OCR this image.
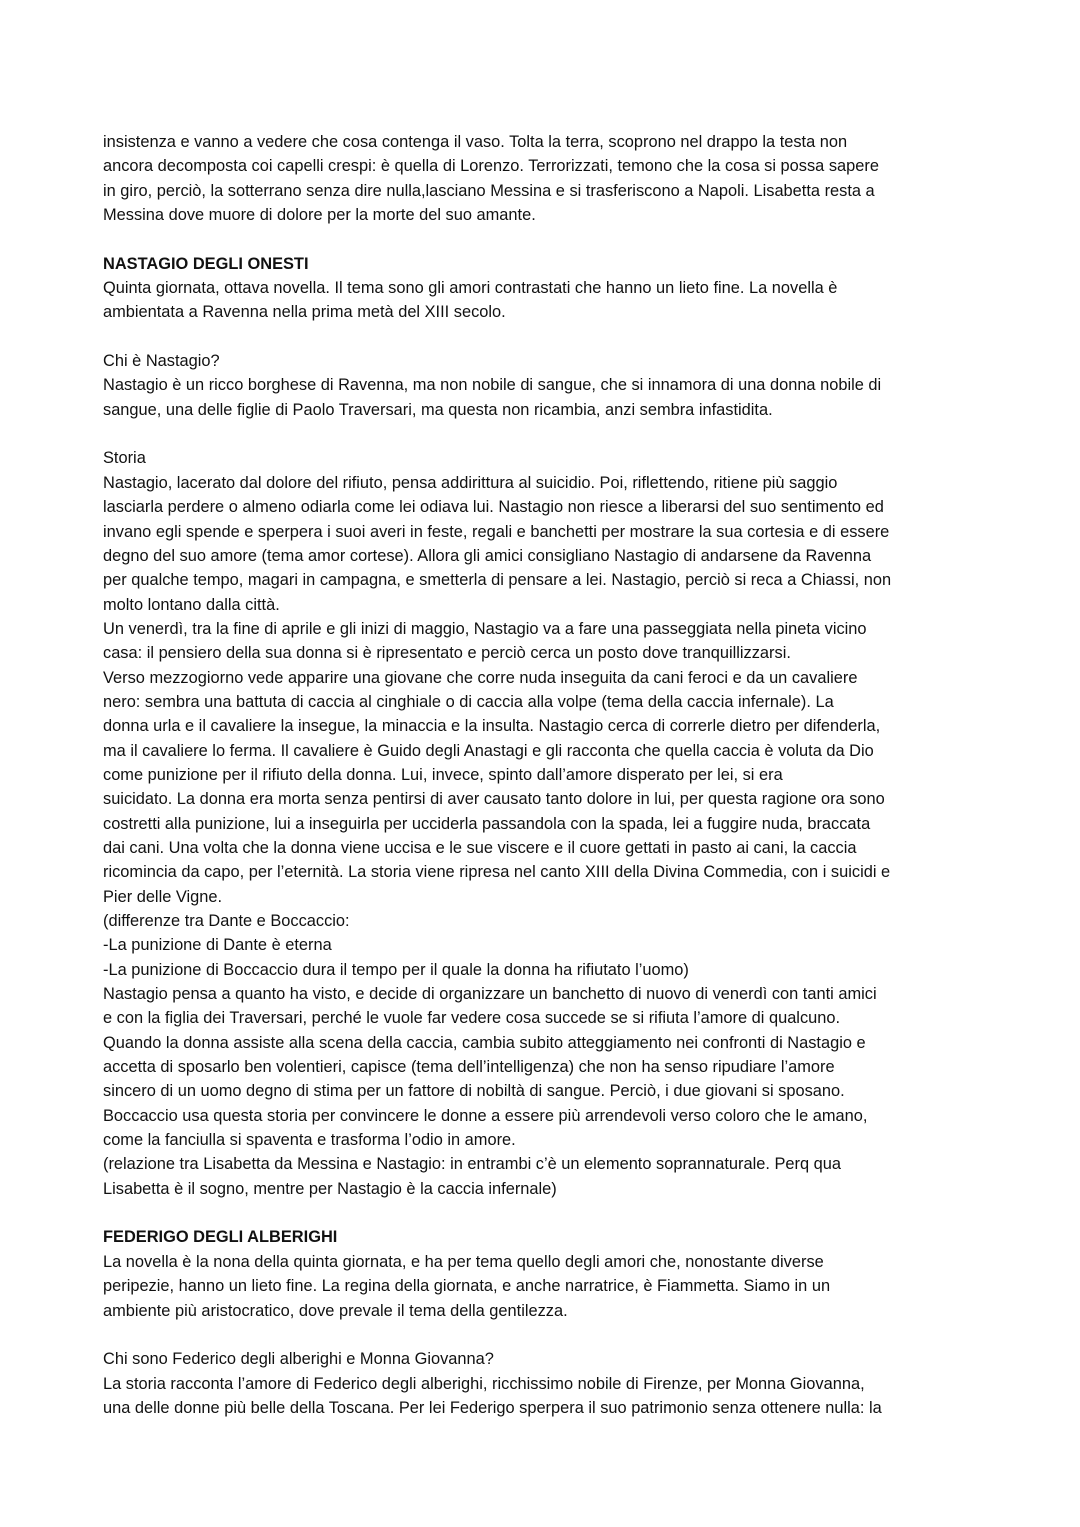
insistenza e vanno a vedere che cosa contenga il vaso. Tolta la terra, scoprono nel drappo la testa non
ancora decomposta coi capelli crespi: è quella di Lorenzo. Terrorizzati, temono che la cosa si possa sapere
in giro, perciò, la sotterrano senza dire nulla,lasciano Messina e si trasferiscono a Napoli. Lisabetta resta a
Messina dove muore di dolore per la morte del suo amante.
NASTAGIO DEGLI ONESTI
Quinta giornata, ottava novella. Il tema sono gli amori contrastati che hanno un lieto fine. La novella è
ambientata a Ravenna nella prima metà del XIII secolo.
Chi è Nastagio?
Nastagio è un ricco borghese di Ravenna, ma non nobile di sangue, che si innamora di una donna nobile di
sangue, una delle figlie di Paolo Traversari, ma questa non ricambia, anzi sembra infastidita.
Storia
Nastagio, lacerato dal dolore del rifiuto, pensa addirittura al suicidio. Poi, riflettendo, ritiene più saggio
lasciarla perdere o almeno odiarla come lei odiava lui. Nastagio non riesce a liberarsi del suo sentimento ed
invano egli spende e sperpera i suoi averi in feste, regali e banchetti per mostrare la sua cortesia e di essere
degno del suo amore (tema amor cortese). Allora gli amici consigliano Nastagio di andarsene da Ravenna
per qualche tempo, magari in campagna, e smetterla di pensare a lei. Nastagio, perciò si reca a Chiassi, non
molto lontano dalla città.
Un venerdì, tra la fine di aprile e gli inizi di maggio, Nastagio va a fare una passeggiata nella pineta vicino
casa: il pensiero della sua donna si è ripresentato e perciò cerca un posto dove tranquillizzarsi.
Verso mezzogiorno vede apparire una giovane che corre nuda inseguita da cani feroci e da un cavaliere
nero: sembra una battuta di caccia al cinghiale o di caccia alla volpe (tema della caccia infernale). La
donna urla e il cavaliere la insegue, la minaccia e la insulta. Nastagio cerca di correrle dietro per difenderla,
ma il cavaliere lo ferma. Il cavaliere è Guido degli Anastagi e gli racconta che quella caccia è voluta da Dio
come punizione per il rifiuto della donna. Lui, invece, spinto dall’amore disperato per lei, si era
suicidato. La donna era morta senza pentirsi di aver causato tanto dolore in lui, per questa ragione ora sono
costretti alla punizione, lui a inseguirla per ucciderla passandola con la spada, lei a fuggire nuda, braccata
dai cani. Una volta che la donna viene uccisa e le sue viscere e il cuore gettati in pasto ai cani, la caccia
ricomincia da capo, per l’eternità. La storia viene ripresa nel canto XIII della Divina Commedia, con i suicidi e
Pier delle Vigne.
(differenze tra Dante e Boccaccio:
-La punizione di Dante è eterna
-La punizione di Boccaccio dura il tempo per il quale la donna ha rifiutato l’uomo)
Nastagio pensa a quanto ha visto, e decide di organizzare un banchetto di nuovo di venerdì con tanti amici
e con la figlia dei Traversari, perché le vuole far vedere cosa succede se si rifiuta l’amore di qualcuno.
Quando la donna assiste alla scena della caccia, cambia subito atteggiamento nei confronti di Nastagio e
accetta di sposarlo ben volentieri, capisce (tema dell’intelligenza) che non ha senso ripudiare l’amore
sincero di un uomo degno di stima per un fattore di nobiltà di sangue. Perciò, i due giovani si sposano.
Boccaccio usa questa storia per convincere le donne a essere più arrendevoli verso coloro che le amano,
come la fanciulla si spaventa e trasforma l’odio in amore.
(relazione tra Lisabetta da Messina e Nastagio: in entrambi c’è un elemento soprannaturale. Perq qua
Lisabetta è il sogno, mentre per Nastagio è la caccia infernale)
FEDERIGO DEGLI ALBERIGHI
La novella è la nona della quinta giornata, e ha per tema quello degli amori che, nonostante diverse
peripezie, hanno un lieto fine. La regina della giornata, e anche narratrice, è Fiammetta. Siamo in un
ambiente più aristocratico, dove prevale il tema della gentilezza.
Chi sono Federico degli alberighi e Monna Giovanna?
La storia racconta l’amore di Federico degli alberighi, ricchissimo nobile di Firenze, per Monna Giovanna,
una delle donne più belle della Toscana. Per lei Federigo sperpera il suo patrimonio senza ottenere nulla: la
